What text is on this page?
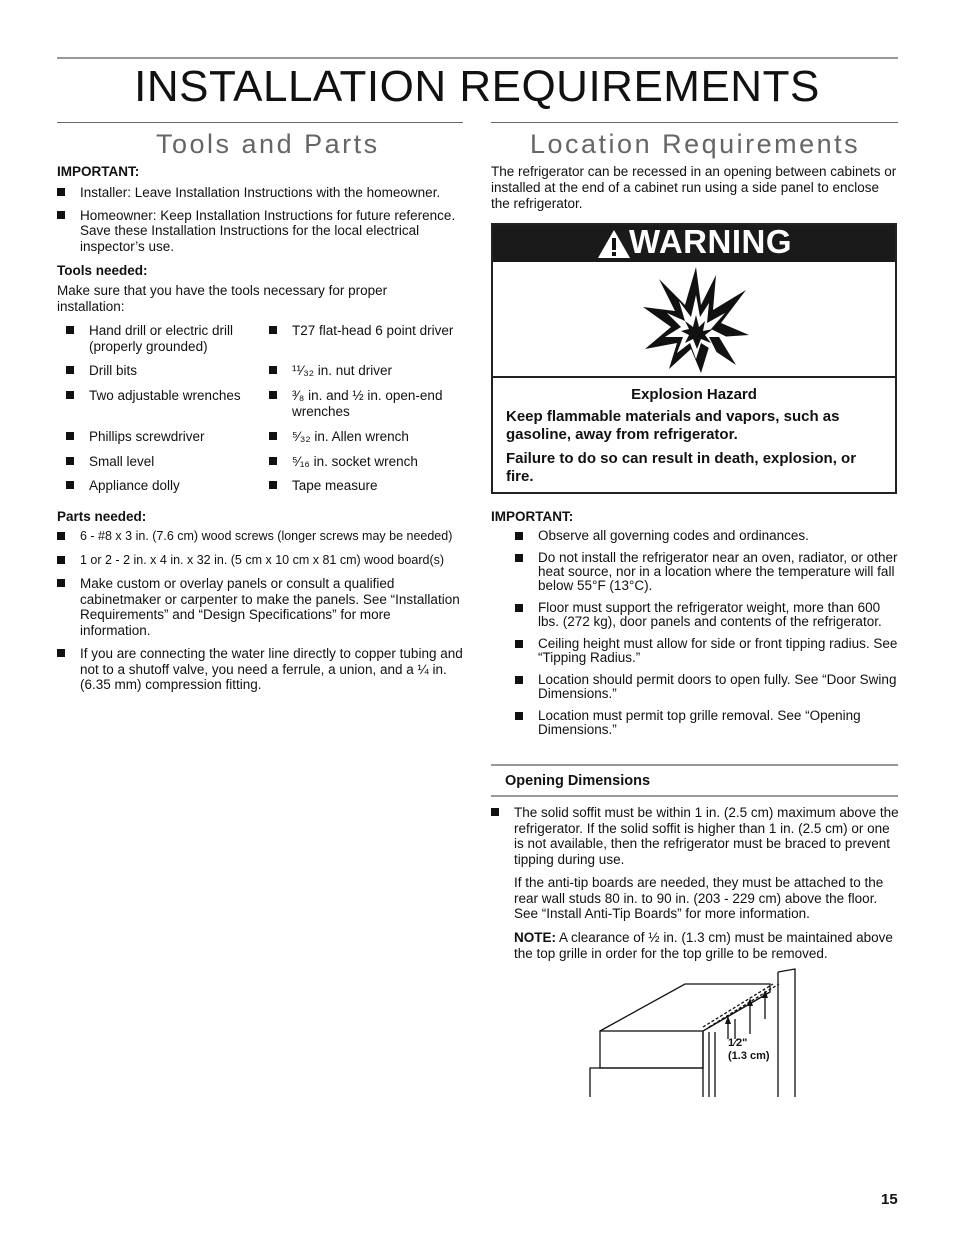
INSTALLATION REQUIREMENTS
Tools and Parts
IMPORTANT:
Installer: Leave Installation Instructions with the homeowner.
Homeowner: Keep Installation Instructions for future reference. Save these Installation Instructions for the local electrical inspector’s use.
Tools needed:
Make sure that you have the tools necessary for proper installation:
Hand drill or electric drill (properly grounded)
Drill bits
Two adjustable wrenches
Phillips screwdriver
Small level
Appliance dolly
T27 flat-head 6 point driver
¹¹⁄₃₂ in. nut driver
³⁄₈ in. and ½ in. open-end wrenches
⁵⁄₃₂ in. Allen wrench
⁵⁄₁₆ in. socket wrench
Tape measure
Parts needed:
6 - #8 x 3 in. (7.6 cm) wood screws (longer screws may be needed)
1 or 2 - 2 in. x 4 in. x 32 in. (5 cm x 10 cm x 81 cm) wood board(s)
Make custom or overlay panels or consult a qualified cabinetmaker or carpenter to make the panels. See “Installation Requirements” and “Design Specifications” for more information.
If you are connecting the water line directly to copper tubing and not to a shutoff valve, you need a ferrule, a union, and a ¼ in. (6.35 mm) compression fitting.
Location Requirements
The refrigerator can be recessed in an opening between cabinets or installed at the end of a cabinet run using a side panel to enclose the refrigerator.
WARNING
Explosion Hazard
Keep flammable materials and vapors, such as gasoline, away from refrigerator.
Failure to do so can result in death, explosion, or fire.
IMPORTANT:
Observe all governing codes and ordinances.
Do not install the refrigerator near an oven, radiator, or other heat source, nor in a location where the temperature will fall below 55°F (13°C).
Floor must support the refrigerator weight, more than 600 lbs. (272 kg), door panels and contents of the refrigerator.
Ceiling height must allow for side or front tipping radius. See “Tipping Radius.”
Location should permit doors to open fully. See “Door Swing Dimensions.”
Location must permit top grille removal. See “Opening Dimensions.”
Opening Dimensions
The solid soffit must be within 1 in. (2.5 cm) maximum above the refrigerator. If the solid soffit is higher than 1 in. (2.5 cm) or one is not available, then the refrigerator must be braced to prevent tipping during use.
If the anti-tip boards are needed, they must be attached to the rear wall studs 80 in. to 90 in. (203 - 229 cm) above the floor. See “Install Anti-Tip Boards” for more information.
NOTE: A clearance of ½ in. (1.3 cm) must be maintained above the top grille in order for the top grille to be removed.
1⁄2"
(1.3 cm)
15
